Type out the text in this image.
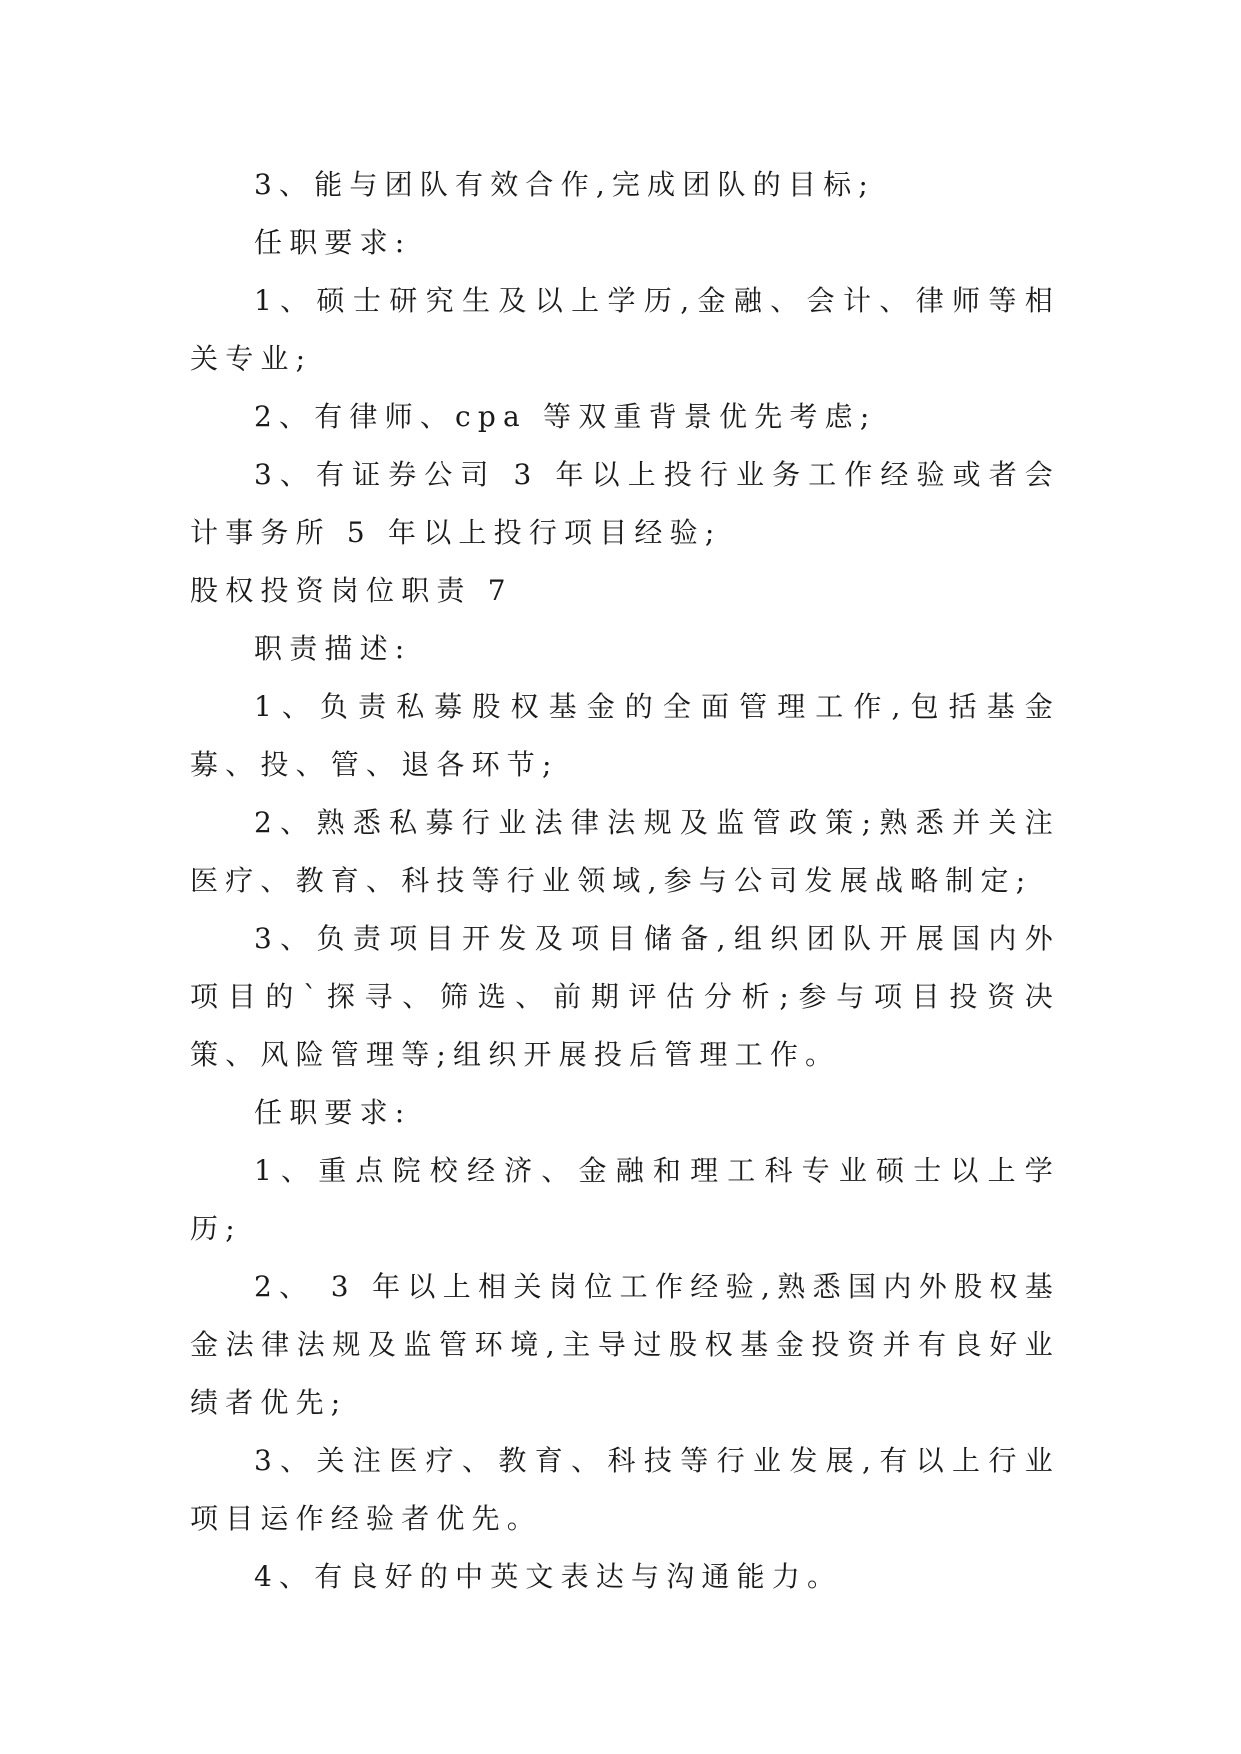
3、能与团队有效合作,完成团队的目标;

任职要求:

1、硕士研究生及以上学历,金融、会计、律师等相关专业;

2、有律师、cpa 等双重背景优先考虑;

3、有证券公司 3 年以上投行业务工作经验或者会计事务所 5 年以上投行项目经验;

股权投资岗位职责 7

职责描述:

1、负责私募股权基金的全面管理工作,包括基金募、投、管、退各环节;

2、熟悉私募行业法律法规及监管政策;熟悉并关注医疗、教育、科技等行业领域,参与公司发展战略制定;

3、负责项目开发及项目储备,组织团队开展国内外项目的`探寻、筛选、前期评估分析;参与项目投资决策、风险管理等;组织开展投后管理工作。

任职要求:

1、重点院校经济、金融和理工科专业硕士以上学历;

2、 3 年以上相关岗位工作经验,熟悉国内外股权基金法律法规及监管环境,主导过股权基金投资并有良好业绩者优先;

3、关注医疗、教育、科技等行业发展,有以上行业项目运作经验者优先。

4、有良好的中英文表达与沟通能力。
